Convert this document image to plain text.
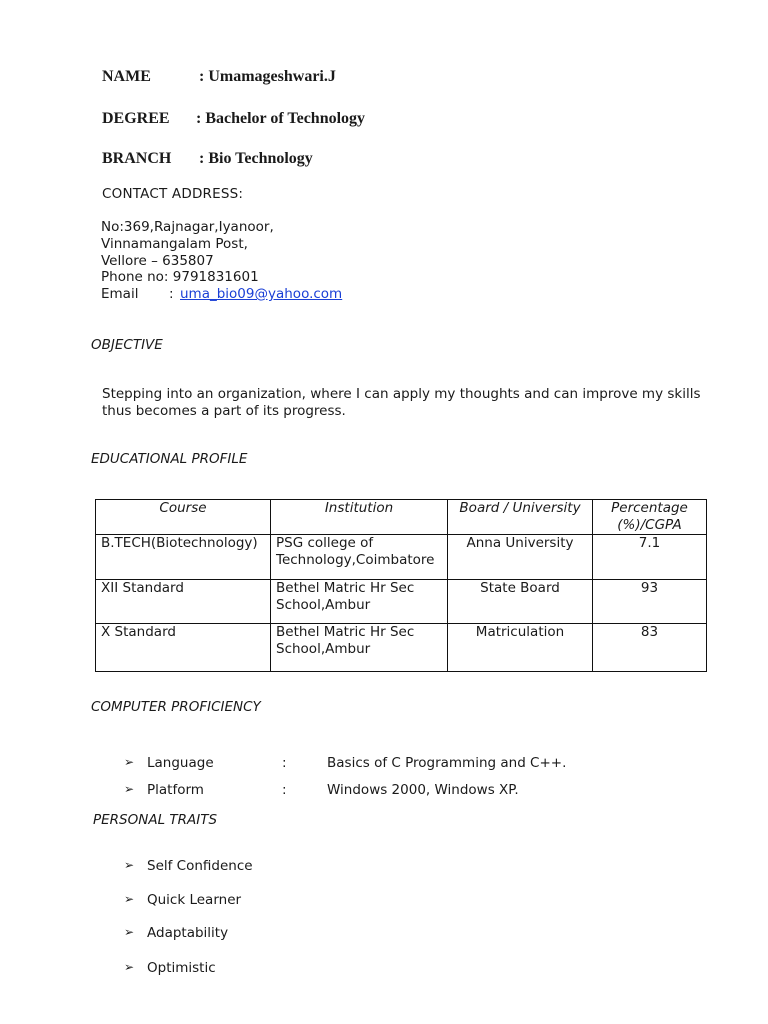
NAME	: Umamageshwari.J
DEGREE : Bachelor of Technology
BRANCH : Bio Technology
CONTACT ADDRESS:
No:369,Rajnagar,Iyanoor,
Vinnamangalam Post,
Vellore – 635807
Phone no: 9791831601
Email : uma_bio09@yahoo.com
OBJECTIVE
Stepping into an organization, where I can apply my thoughts and can improve my skills thus becomes a part of its progress.
EDUCATIONAL PROFILE
Course	Institution	Board / University	Percentage (%)/CGPA
B.TECH(Biotechnology)	PSG college of Technology,Coimbatore	Anna University	7.1
XII Standard	Bethel Matric Hr Sec School,Ambur	State Board	93
X Standard	Bethel Matric Hr Sec School,Ambur	Matriculation	83
COMPUTER PROFICIENCY
➢ Language	:	Basics of C Programming and C++.
➢ Platform	:	Windows 2000, Windows XP.
PERSONAL TRAITS
➢ Self Confidence
➢ Quick Learner
➢ Adaptability
➢ Optimistic
